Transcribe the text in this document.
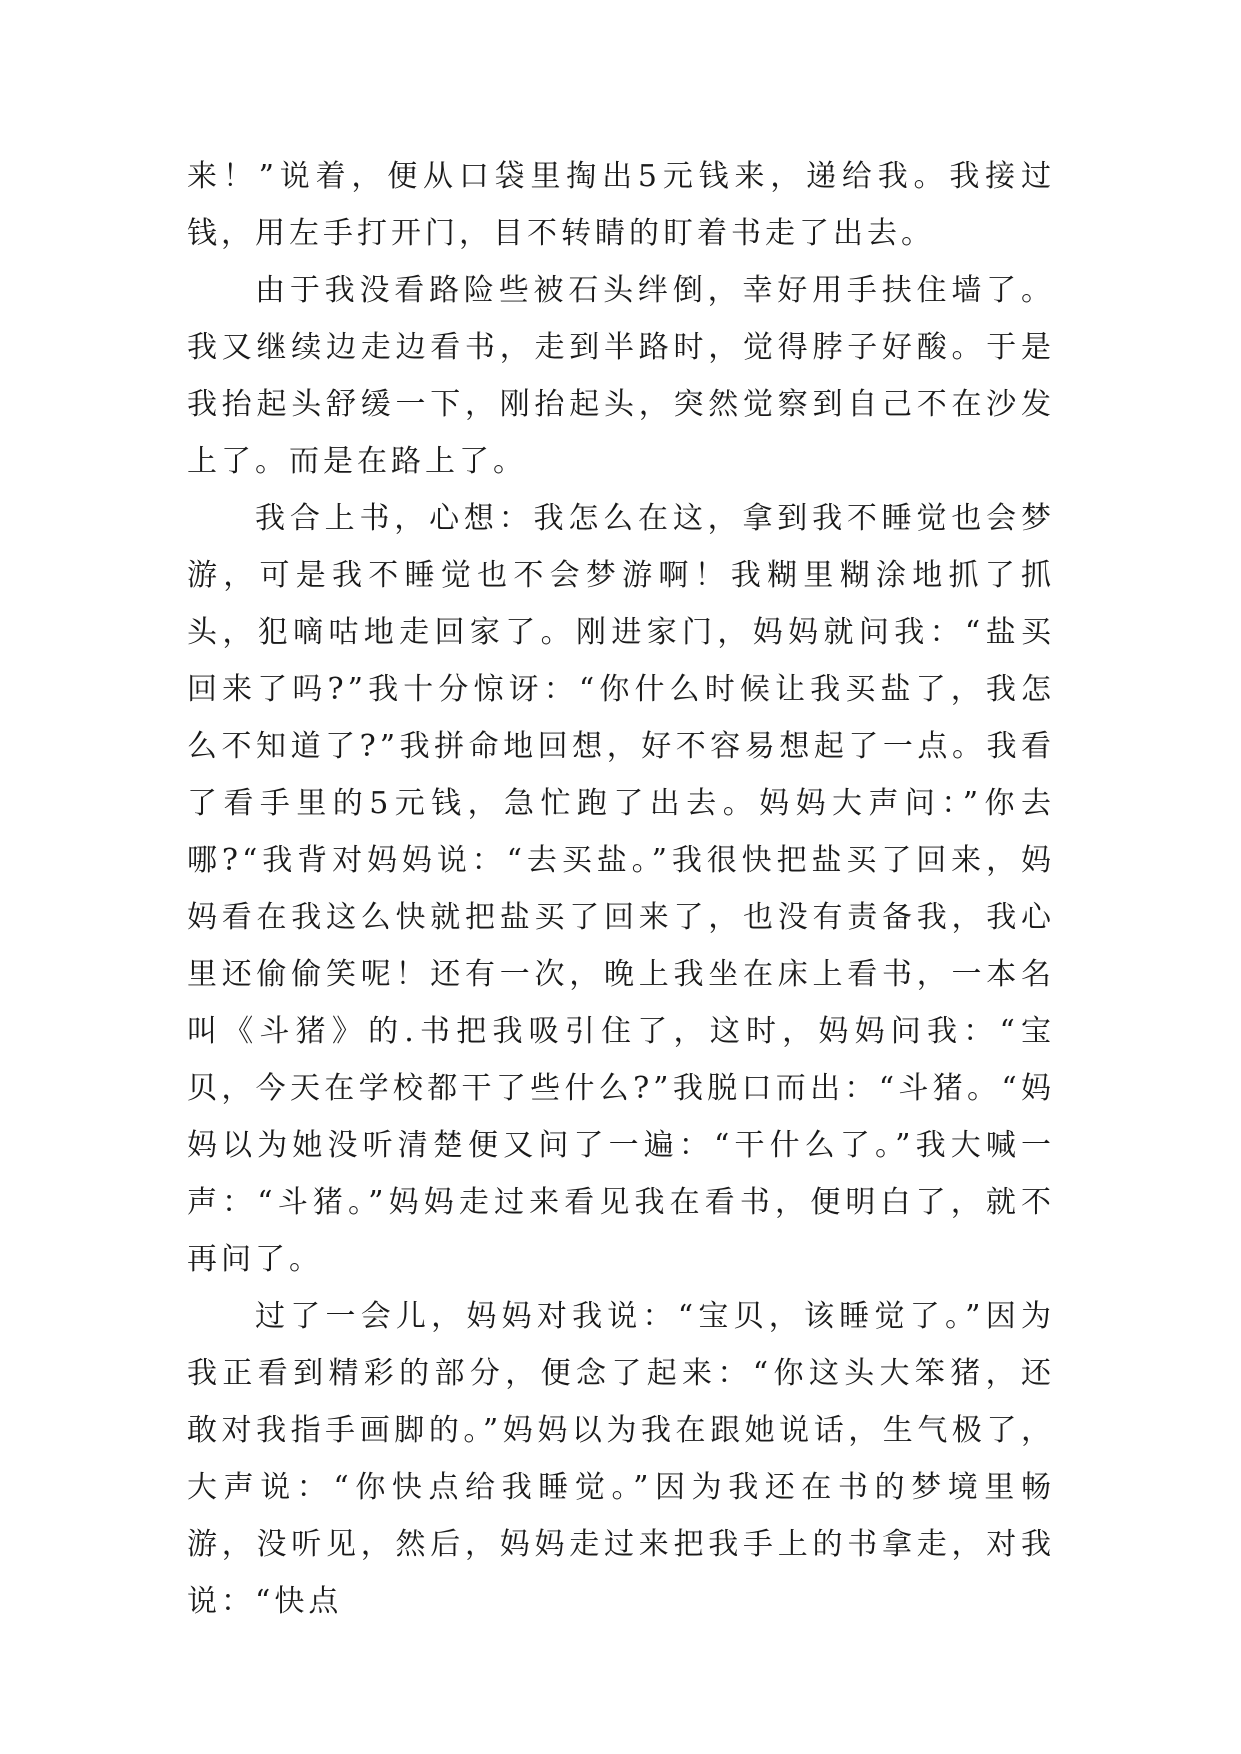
来！”说着，便从口袋里掏出5元钱来，递给我。我接过钱，用左手打开门，目不转睛的盯着书走了出去。

由于我没看路险些被石头绊倒，幸好用手扶住墙了。我又继续边走边看书，走到半路时，觉得脖子好酸。于是我抬起头舒缓一下，刚抬起头，突然觉察到自己不在沙发上了。而是在路上了。

我合上书，心想：我怎么在这，拿到我不睡觉也会梦游，可是我不睡觉也不会梦游啊！我糊里糊涂地抓了抓头，犯嘀咕地走回家了。刚进家门，妈妈就问我：“盐买回来了吗?”我十分惊讶：“你什么时候让我买盐了，我怎么不知道了?”我拼命地回想，好不容易想起了一点。我看了看手里的5元钱，急忙跑了出去。妈妈大声问：”你去哪?“我背对妈妈说：“去买盐。”我很快把盐买了回来，妈妈看在我这么快就把盐买了回来了，也没有责备我，我心里还偷偷笑呢！还有一次，晚上我坐在床上看书，一本名叫《斗猪》的.书把我吸引住了，这时，妈妈问我：“宝贝，今天在学校都干了些什么?”我脱口而出：“斗猪。“妈妈以为她没听清楚便又问了一遍：“干什么了。”我大喊一声：“斗猪。”妈妈走过来看见我在看书，便明白了，就不再问了。

过了一会儿，妈妈对我说：“宝贝，该睡觉了。”因为我正看到精彩的部分，便念了起来：“你这头大笨猪，还敢对我指手画脚的。”妈妈以为我在跟她说话，生气极了，大声说：“你快点给我睡觉。”因为我还在书的梦境里畅游，没听见，然后，妈妈走过来把我手上的书拿走，对我说：“快点
